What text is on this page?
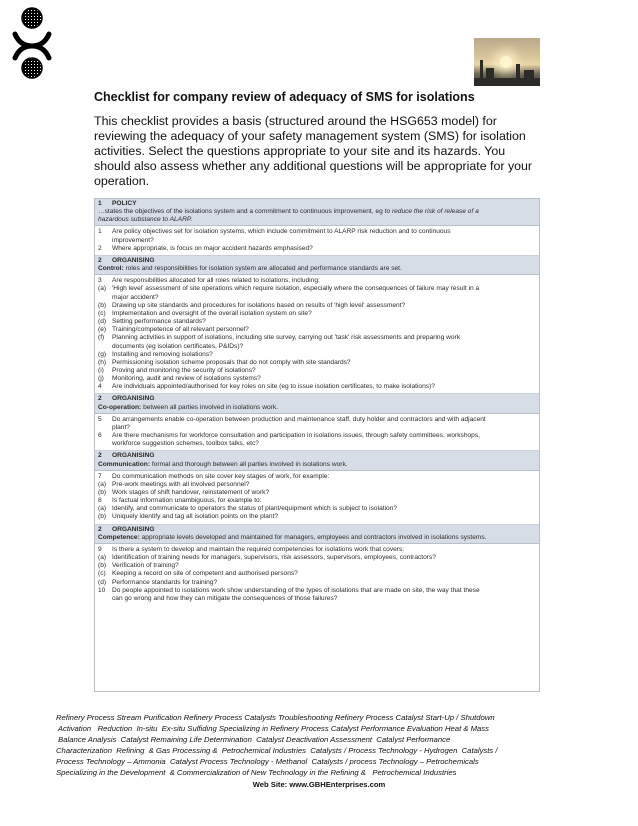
Checklist for company review of adequacy of SMS for isolations
This checklist provides a basis (structured around the HSG653 model) for
reviewing the adequacy of your safety management system (SMS) for isolation
activities. Select the questions appropriate to your site and its hazards. You
should also assess whether any additional questions will be appropriate for your
operation.
1 POLICY
…states the objectives of the isolations system and a commitment to continuous improvement, eg to reduce the risk of release of a
hazardous substance to ALARP.
1	Are policy objectives set for isolation systems, which include commitment to ALARP risk reduction and to continuous
improvement?
2	Where appropriate, is focus on major accident hazards emphasised?
2 ORGANISING
Control: roles and responsibilities for isolation system are allocated and performance standards are set.
3	Are responsibilities allocated for all roles related to isolations, including:
(a) 'High level' assessment of site operations which require isolation, especially where the consequences of failure may result in a
major accident?
(b) Drawing up site standards and procedures for isolations based on results of 'high level' assessment?
(c) Implementation and oversight of the overall isolation system on site?
(d) Setting performance standards?
(e) Training/competence of all relevant personnel?
(f)	Planning activities in support of isolations, including site survey, carrying out 'task' risk assessments and preparing work
documents (eg isolation certificates, P&IDs)?
(g) Installing and removing isolations?
(h) Permissioning isolation scheme proposals that do not comply with site standards?
(i)	Proving and monitoring the security of isolations?
(j)	Monitoring, audit and review of isolations systems?
4	Are individuals appointed/authorised for key roles on site (eg to issue isolation certificates, to make isolations)?
2 ORGANISING
Co-operation: between all parties involved in isolations work.
5	Do arrangements enable co-operation between production and maintenance staff, duty holder and contractors and with adjacent
plant?
6	Are there mechanisms for workforce consultation and participation in isolations issues, through safety committees, workshops,
workforce suggestion schemes, toolbox talks, etc?
2 ORGANISING
Communication: formal and thorough between all parties involved in isolations work.
7	Do communication methods on site cover key stages of work, for example:
(a) Pre-work meetings with all involved personnel?
(b) Work stages of shift handover, reinstatement of work?
8	Is factual information unambiguous, for example to:
(a) Identify, and communicate to operators the status of plant/equipment which is subject to isolation?
(b) Uniquely identify and tag all isolation points on the plant?
2 ORGANISING
Competence: appropriate levels developed and maintained for managers, employees and contractors involved in isolations systems.
9	Is there a system to develop and maintain the required competencies for isolations work that covers:
(a) Identification of training needs for managers, supervisors, risk assessors, supervisors, employees, contractors?
(b) Verification of training?
(c) Keeping a record on site of competent and authorised persons?
(d) Performance standards for training?
10	Do people appointed to isolations work show understanding of the types of isolations that are made on site, the way that these
can go wrong and how they can mitigate the consequences of those failures?
Refinery Process Stream Purification Refinery Process Catalysts Troubleshooting Refinery Process Catalyst Start-Up / Shutdown
Activation   Reduction  In-situ  Ex-situ Sulfiding Specializing in Refinery Process Catalyst Performance Evaluation Heat & Mass
Balance Analysis  Catalyst Remaining Life Determination  Catalyst Deactivation Assessment  Catalyst Performance
Characterization  Refining  & Gas Processing &  Petrochemical Industries  Catalysts / Process Technology - Hydrogen  Catalysts /
Process Technology – Ammonia  Catalyst Process Technology - Methanol  Catalysts / process Technology – Petrochemicals
Specializing in the Development  & Commercialization of New Technology in the Refining &   Petrochemical Industries
Web Site: www.GBHEnterprises.com
